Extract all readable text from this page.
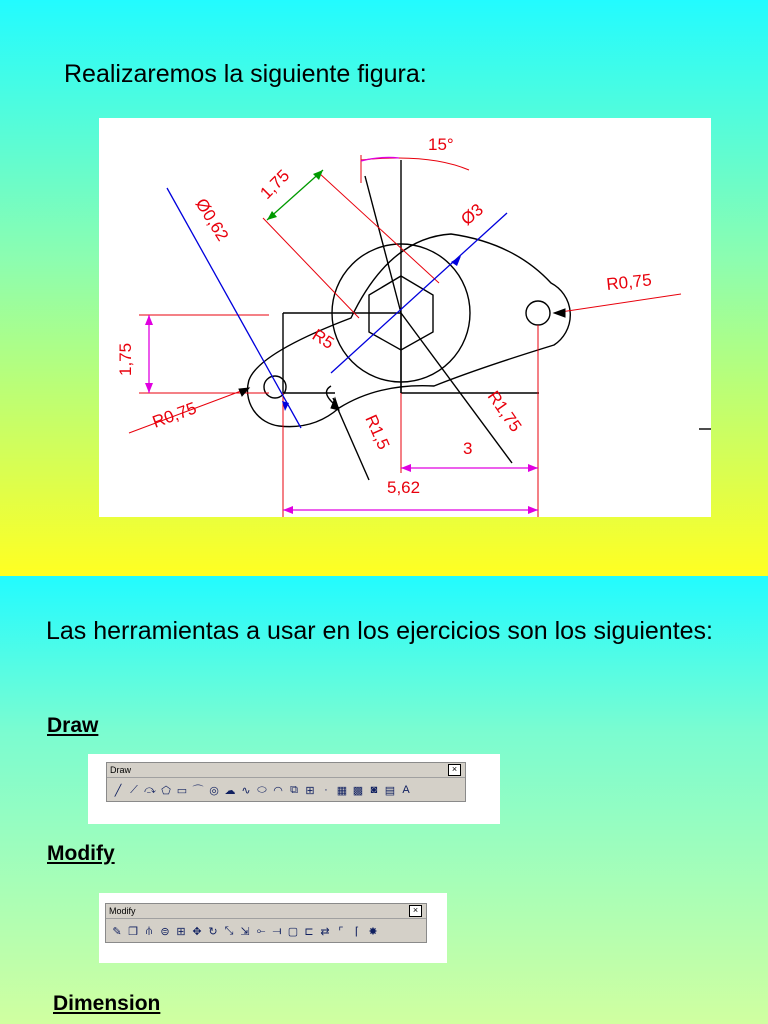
Realizaremos la siguiente figura:
15°
Ø0,62
1,75
Ø3
R0,75
R5
1,75
R0,75	R1,5	R1,75
3
5,62
Las herramientas a usar en los ejercicios son los siguientes:
Draw
Draw	×
╱ ⟋ ⤼ ⬠ ▭ ⌒ ◎ ☁ ∿ ⬭ ◠ ⧉ ⊞ · ▦ ▩ ◙ ▤ A
Modify
Modify	×
✎ ❐ ⫛ ⊜ ⊞ ✥ ↻ ⤡ ⇲ ⟜ ⟞ ▢ ⊏ ⇄ ⌜	⌈ ✸
Dimension
